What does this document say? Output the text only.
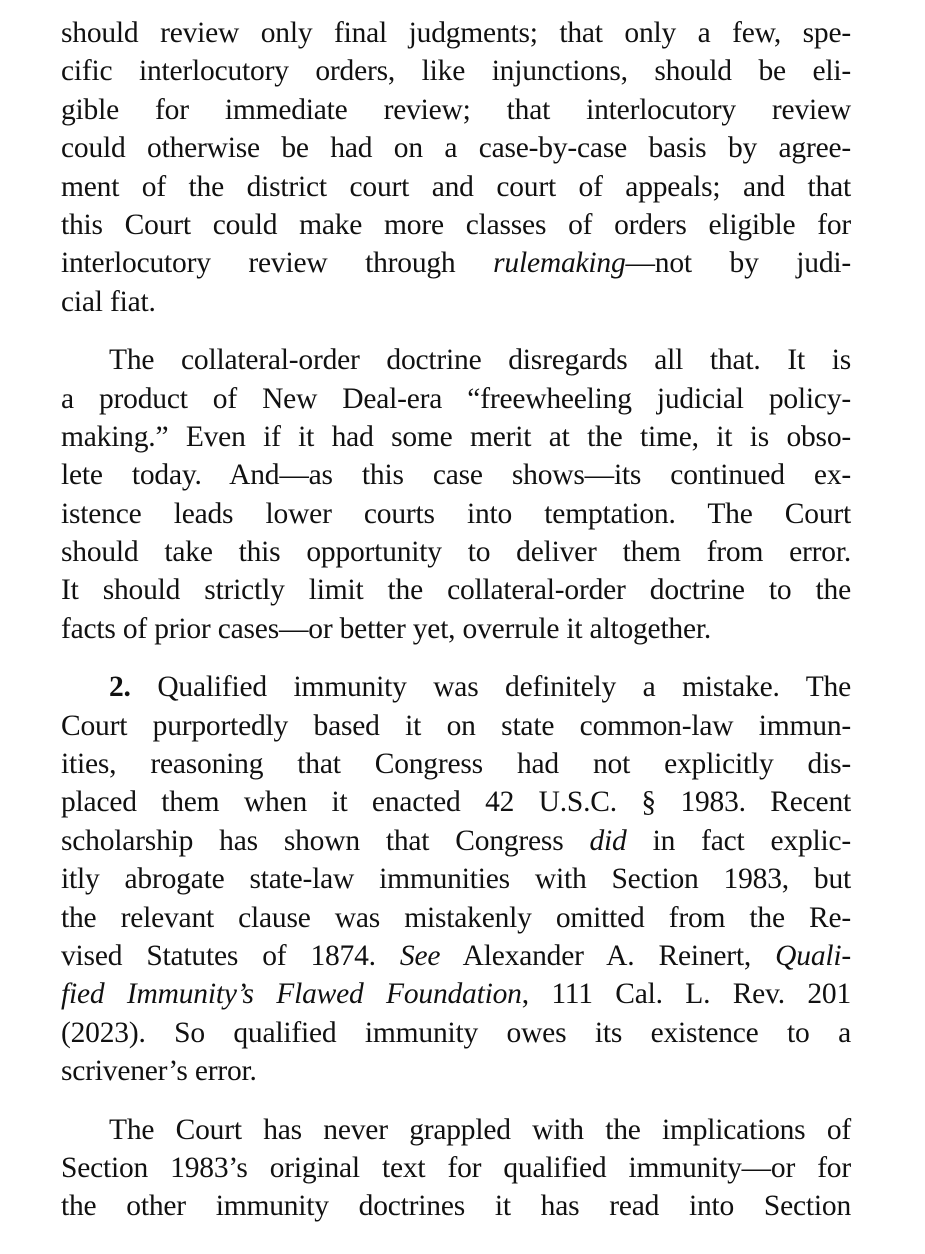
should review only final judgments; that only a few, spe-
cific interlocutory orders, like injunctions, should be eli-
gible for immediate review; that interlocutory review
could otherwise be had on a case-by-case basis by agree-
ment of the district court and court of appeals; and that
this Court could make more classes of orders eligible for
interlocutory review through rulemaking—not by judi-
cial fiat.
The collateral-order doctrine disregards all that. It is
a product of New Deal-era “freewheeling judicial policy-
making.” Even if it had some merit at the time, it is obso-
lete today. And—as this case shows—its continued ex-
istence leads lower courts into temptation. The Court
should take this opportunity to deliver them from error.
It should strictly limit the collateral-order doctrine to the
facts of prior cases—or better yet, overrule it altogether.
2. Qualified immunity was definitely a mistake. The
Court purportedly based it on state common-law immun-
ities, reasoning that Congress had not explicitly dis-
placed them when it enacted 42 U.S.C. § 1983. Recent
scholarship has shown that Congress did in fact explic-
itly abrogate state-law immunities with Section 1983, but
the relevant clause was mistakenly omitted from the Re-
vised Statutes of 1874. See Alexander A. Reinert, Quali-
fied Immunity’s Flawed Foundation, 111 Cal. L. Rev. 201
(2023). So qualified immunity owes its existence to a
scrivener’s error.
The Court has never grappled with the implications of
Section 1983’s original text for qualified immunity—or for
the other immunity doctrines it has read into Section
